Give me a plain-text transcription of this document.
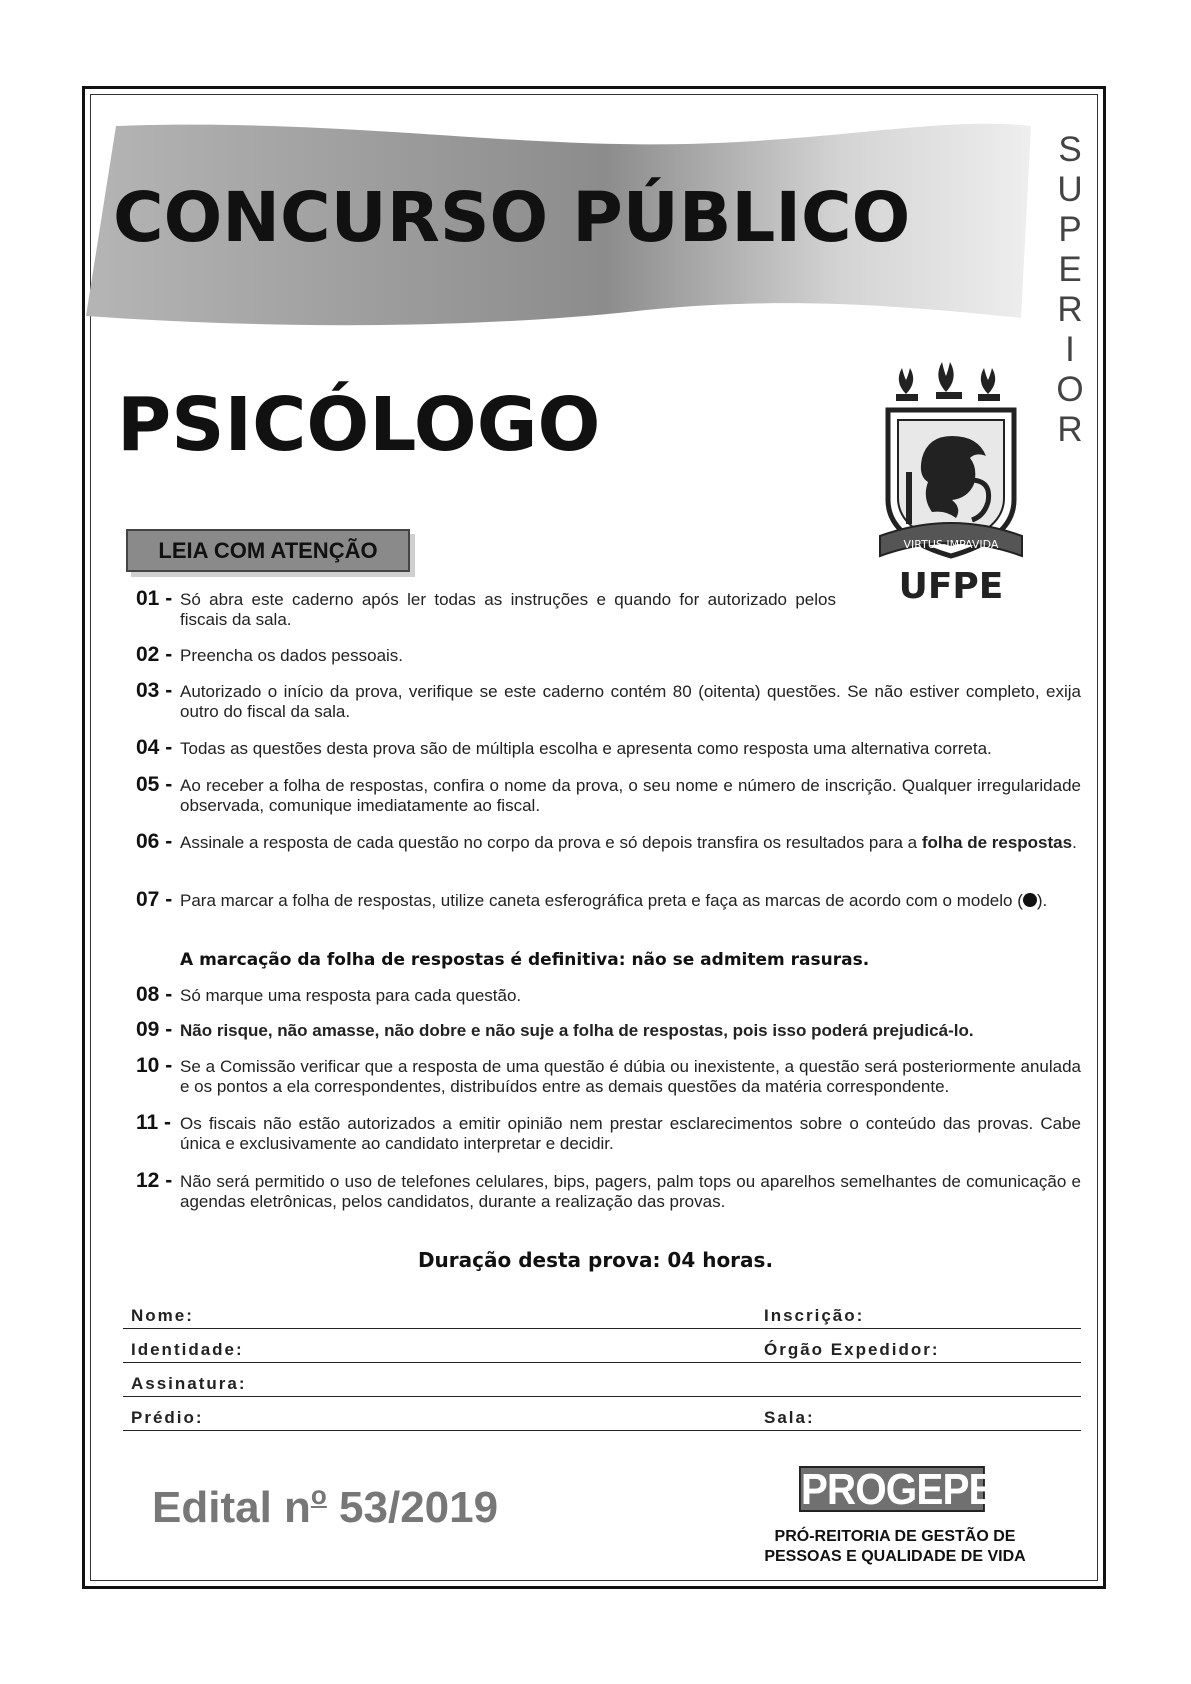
CONCURSO PÚBLICO
S
U
P
E
R
I
O
R
PSICÓLOGO
VIRTUS IMPAVIDA
UFPE
LEIA COM ATENÇÃO
01 - Só abra este caderno após ler todas as instruções e quando for autorizado pelos fiscais da sala.
02 - Preencha os dados pessoais.
03 - Autorizado o início da prova, verifique se este caderno contém 80 (oitenta) questões. Se não estiver completo, exija outro do fiscal da sala.
04 - Todas as questões desta prova são de múltipla escolha e apresenta como resposta uma alternativa correta.
05 - Ao receber a folha de respostas, confira o nome da prova, o seu nome e número de inscrição. Qualquer irregularidade observada, comunique imediatamente ao fiscal.
06 - Assinale a resposta de cada questão no corpo da prova e só depois transfira os resultados para a folha de respostas.
07 - Para marcar a folha de respostas, utilize caneta esferográfica preta e faça as marcas de acordo com o modelo ( ).
A marcação da folha de respostas é definitiva: não se admitem rasuras.
08 - Só marque uma resposta para cada questão.
09 - Não risque, não amasse, não dobre e não suje a folha de respostas, pois isso poderá prejudicá-lo.
10 - Se a Comissão verificar que a resposta de uma questão é dúbia ou inexistente, a questão será posteriormente anulada e os pontos a ela correspondentes, distribuídos entre as demais questões da matéria correspondente.
11 - Os fiscais não estão autorizados a emitir opinião nem prestar esclarecimentos sobre o conteúdo das provas. Cabe única e exclusivamente ao candidato interpretar e decidir.
12 - Não será permitido o uso de telefones celulares, bips, pagers, palm tops ou aparelhos semelhantes de comunicação e agendas eletrônicas, pelos candidatos, durante a realização das provas.
Duração desta prova: 04 horas.
Nome:	Inscrição:
Identidade:	Órgão Expedidor:
Assinatura:
Prédio:	Sala:

Edital $n^o$ 53/2019	PROGEPE
PRÓ-REITORIA DE GESTÃO DE
PESSOAS E QUALIDADE DE VIDA
